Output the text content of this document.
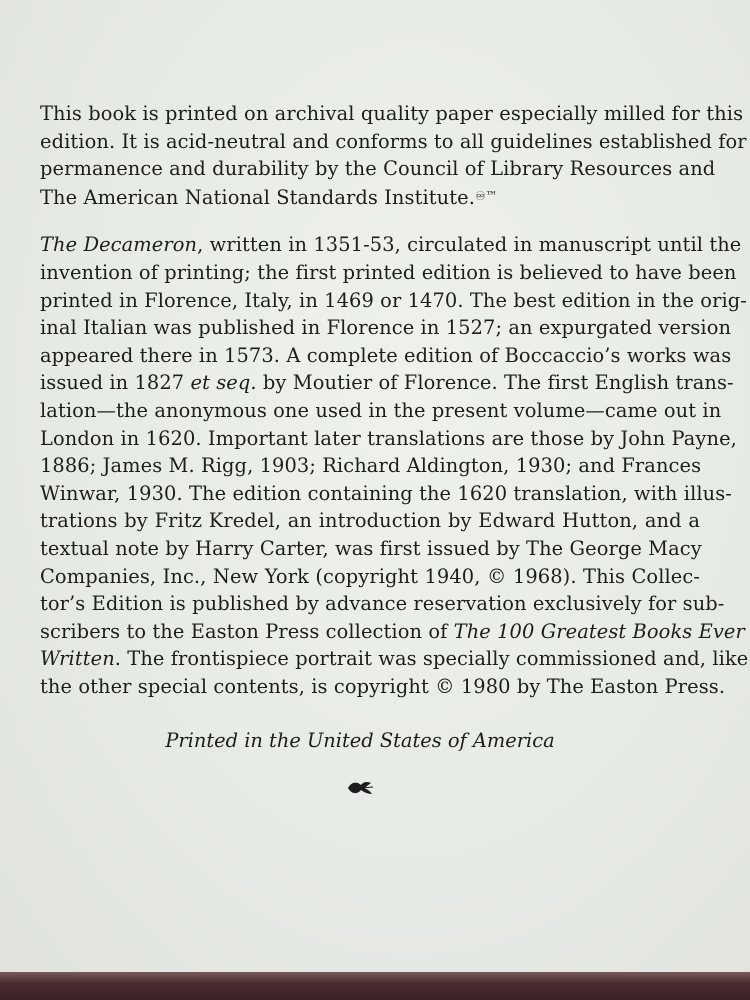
This book is printed on archival quality paper especially milled for this
edition. It is acid-neutral and conforms to all guidelines established for
permanence and durability by the Council of Library Resources and
The American National Standards Institute.♾™
The Decameron, written in 1351-53, circulated in manuscript until the
invention of printing; the first printed edition is believed to have been
printed in Florence, Italy, in 1469 or 1470. The best edition in the orig-
inal Italian was published in Florence in 1527; an expurgated version
appeared there in 1573. A complete edition of Boccaccio’s works was
issued in 1827 et seq. by Moutier of Florence. The first English trans-
lation—the anonymous one used in the present volume—came out in
London in 1620. Important later translations are those by John Payne,
1886; James M. Rigg, 1903; Richard Aldington, 1930; and Frances
Winwar, 1930. The edition containing the 1620 translation, with illus-
trations by Fritz Kredel, an introduction by Edward Hutton, and a
textual note by Harry Carter, was first issued by The George Macy
Companies, Inc., New York (copyright 1940, © 1968). This Collec-
tor’s Edition is published by advance reservation exclusively for sub-
scribers to the Easton Press collection of The 100 Greatest Books Ever
Written. The frontispiece portrait was specially commissioned and, like
the other special contents, is copyright © 1980 by The Easton Press.
Printed in the United States of America
